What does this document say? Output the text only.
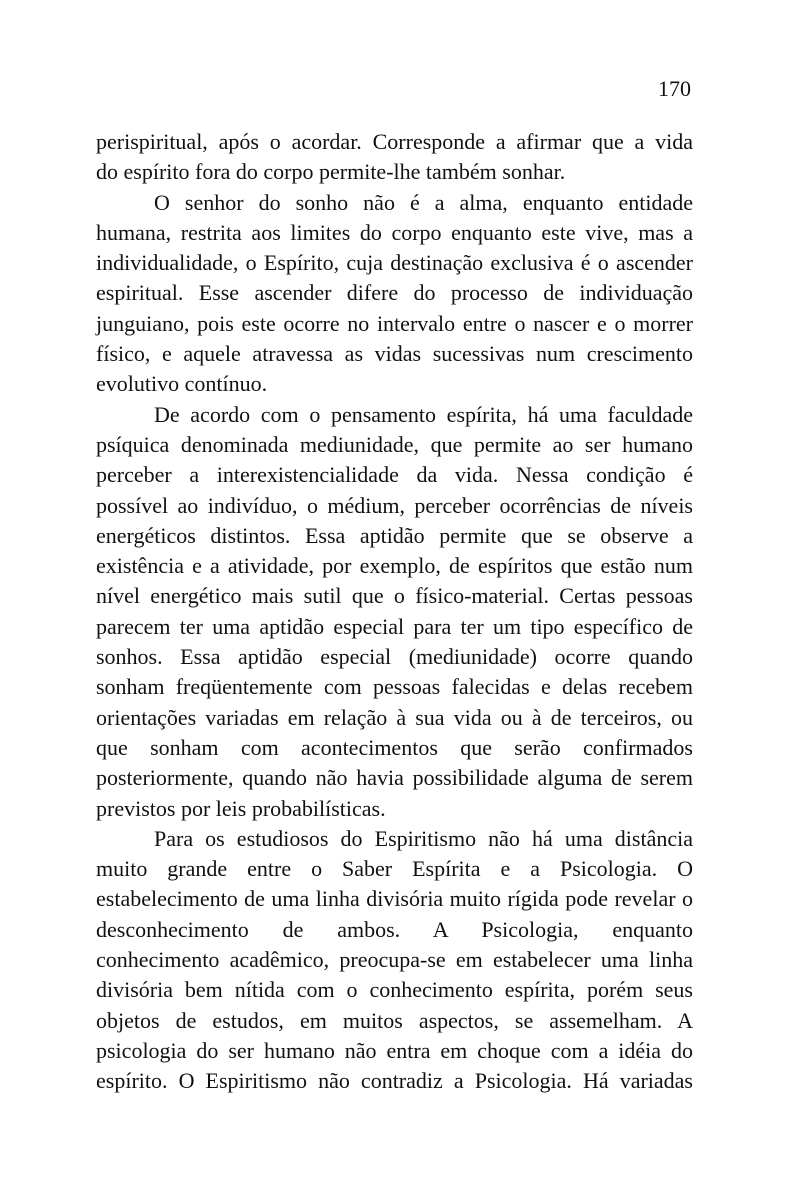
170
perispiritual, após o acordar. Corresponde a afirmar que a vida
do espírito fora do corpo permite-lhe também sonhar.
O senhor do sonho não é a alma, enquanto entidade
humana, restrita aos limites do corpo enquanto este vive, mas a
individualidade, o Espírito, cuja destinação exclusiva é o ascender
espiritual. Esse ascender difere do processo de individuação
junguiano, pois este ocorre no intervalo entre o nascer e o morrer
físico, e aquele atravessa as vidas sucessivas num crescimento
evolutivo contínuo.
De acordo com o pensamento espírita, há uma faculdade
psíquica denominada mediunidade, que permite ao ser humano
perceber a interexistencialidade da vida. Nessa condição é
possível ao indivíduo, o médium, perceber ocorrências de níveis
energéticos distintos. Essa aptidão permite que se observe a
existência e a atividade, por exemplo, de espíritos que estão num
nível energético mais sutil que o físico-material. Certas pessoas
parecem ter uma aptidão especial para ter um tipo específico de
sonhos. Essa aptidão especial (mediunidade) ocorre quando
sonham freqüentemente com pessoas falecidas e delas recebem
orientações variadas em relação à sua vida ou à de terceiros, ou
que sonham com acontecimentos que serão confirmados
posteriormente, quando não havia possibilidade alguma de serem
previstos por leis probabilísticas.
Para os estudiosos do Espiritismo não há uma distância
muito grande entre o Saber Espírita e a Psicologia. O
estabelecimento de uma linha divisória muito rígida pode revelar o
desconhecimento de ambos. A Psicologia, enquanto
conhecimento acadêmico, preocupa-se em estabelecer uma linha
divisória bem nítida com o conhecimento espírita, porém seus
objetos de estudos, em muitos aspectos, se assemelham. A
psicologia do ser humano não entra em choque com a idéia do
espírito. O Espiritismo não contradiz a Psicologia. Há variadas
